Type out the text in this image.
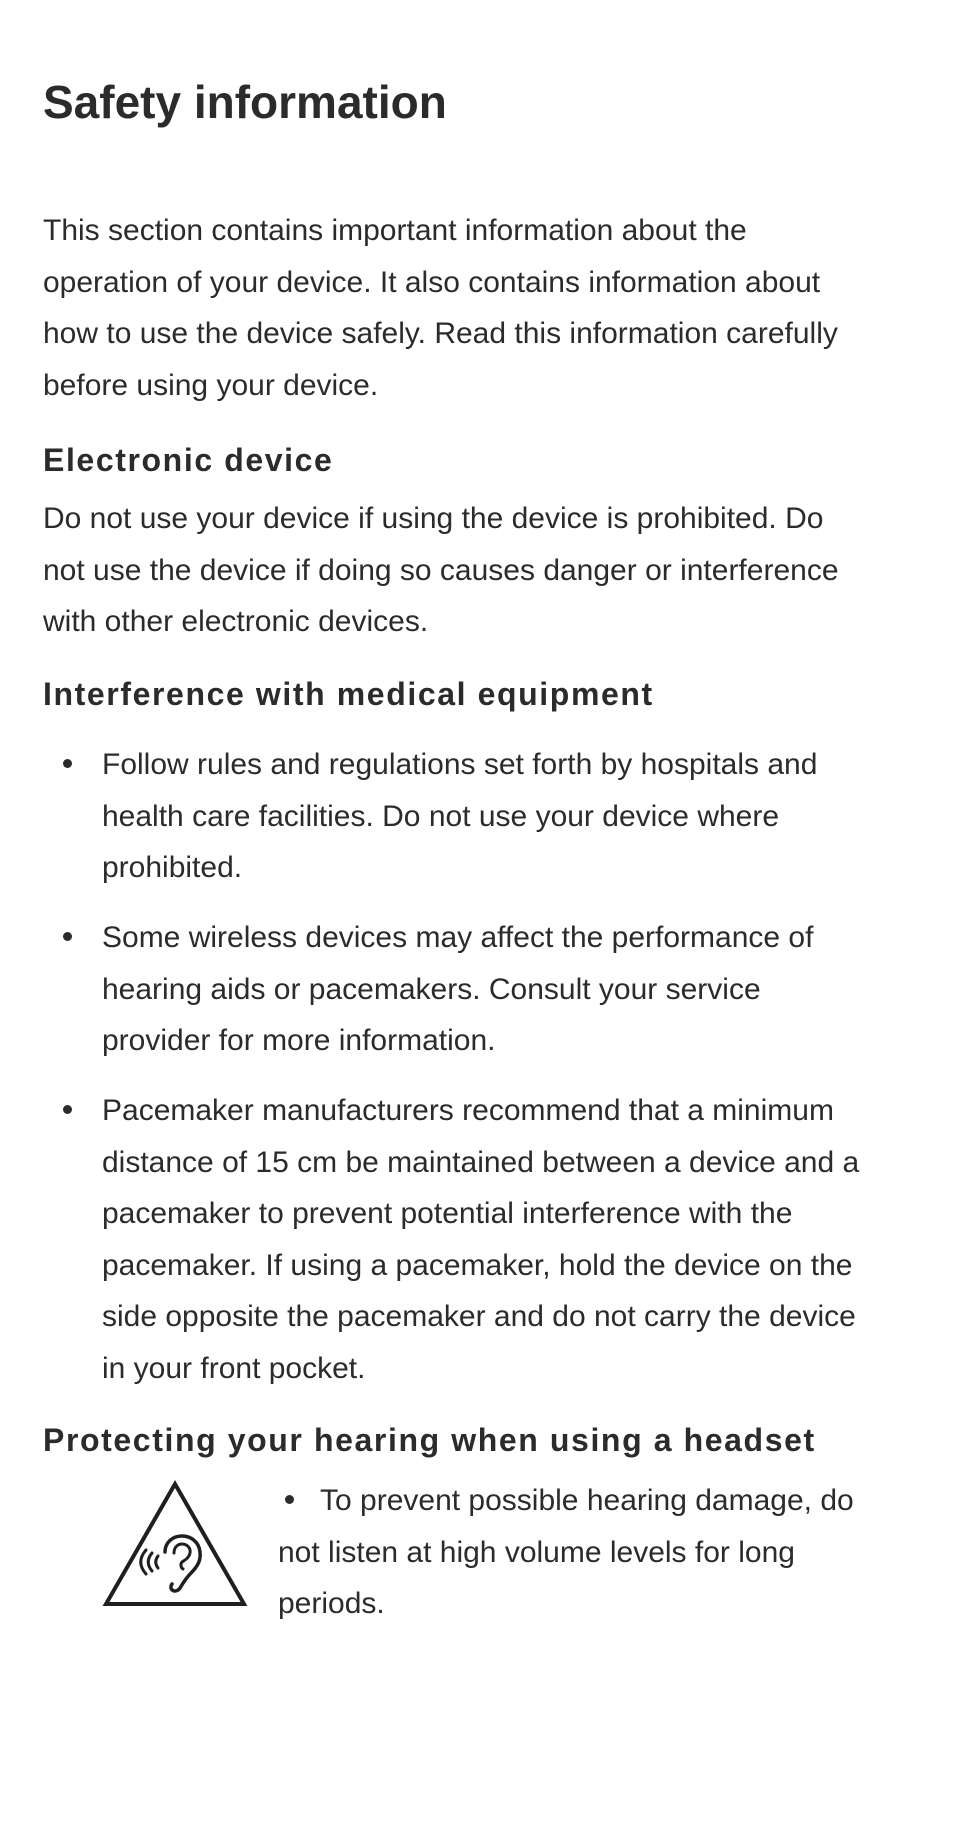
Safety information

This section contains important information about the
operation of your device. It also contains information about
how to use the device safely. Read this information carefully
before using your device.

Electronic device

Do not use your device if using the device is prohibited. Do
not use the device if doing so causes danger or interference
with other electronic devices.

Interference with medical equipment
Follow rules and regulations set forth by hospitals and
health care facilities. Do not use your device where
prohibited.
Some wireless devices may affect the performance of
hearing aids or pacemakers. Consult your service
provider for more information.
Pacemaker manufacturers recommend that a minimum
distance of 15 cm be maintained between a device and a
pacemaker to prevent potential interference with the
pacemaker. If using a pacemaker, hold the device on the
side opposite the pacemaker and do not carry the device
in your front pocket.
Protecting your hearing when using a headset
To prevent possible hearing damage, do
not listen at high volume levels for long
periods.
